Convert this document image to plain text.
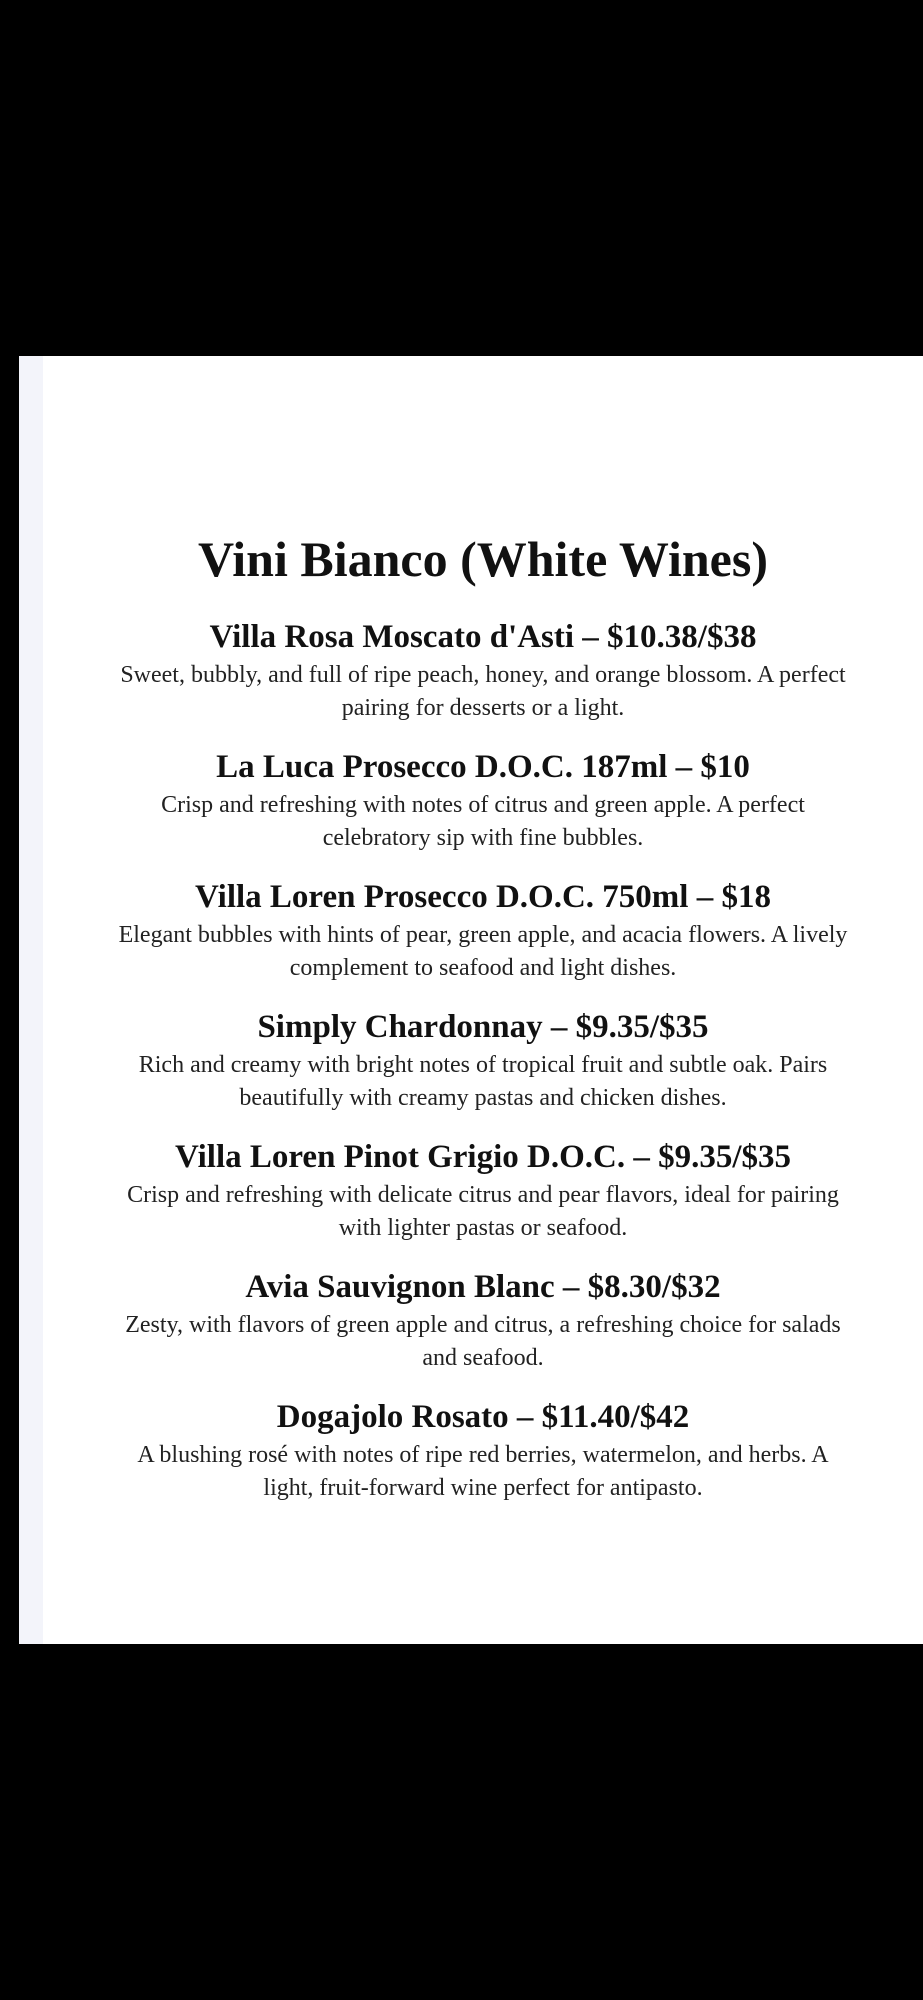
Vini Bianco (White Wines)

Villa Rosa Moscato d'Asti – $10.38/$38

Sweet, bubbly, and full of ripe peach, honey, and orange blossom. A perfect pairing for desserts or a light.

La Luca Prosecco D.O.C. 187ml – $10

Crisp and refreshing with notes of citrus and green apple. A perfect celebratory sip with fine bubbles.

Villa Loren Prosecco D.O.C. 750ml – $18

Elegant bubbles with hints of pear, green apple, and acacia flowers. A lively complement to seafood and light dishes.

Simply Chardonnay – $9.35/$35

Rich and creamy with bright notes of tropical fruit and subtle oak. Pairs beautifully with creamy pastas and chicken dishes.

Villa Loren Pinot Grigio D.O.C. – $9.35/$35

Crisp and refreshing with delicate citrus and pear flavors, ideal for pairing with lighter pastas or seafood.

Avia Sauvignon Blanc – $8.30/$32

Zesty, with flavors of green apple and citrus, a refreshing choice for salads and seafood.

Dogajolo Rosato – $11.40/$42

A blushing rosé with notes of ripe red berries, watermelon, and herbs. A light, fruit-forward wine perfect for antipasto.
